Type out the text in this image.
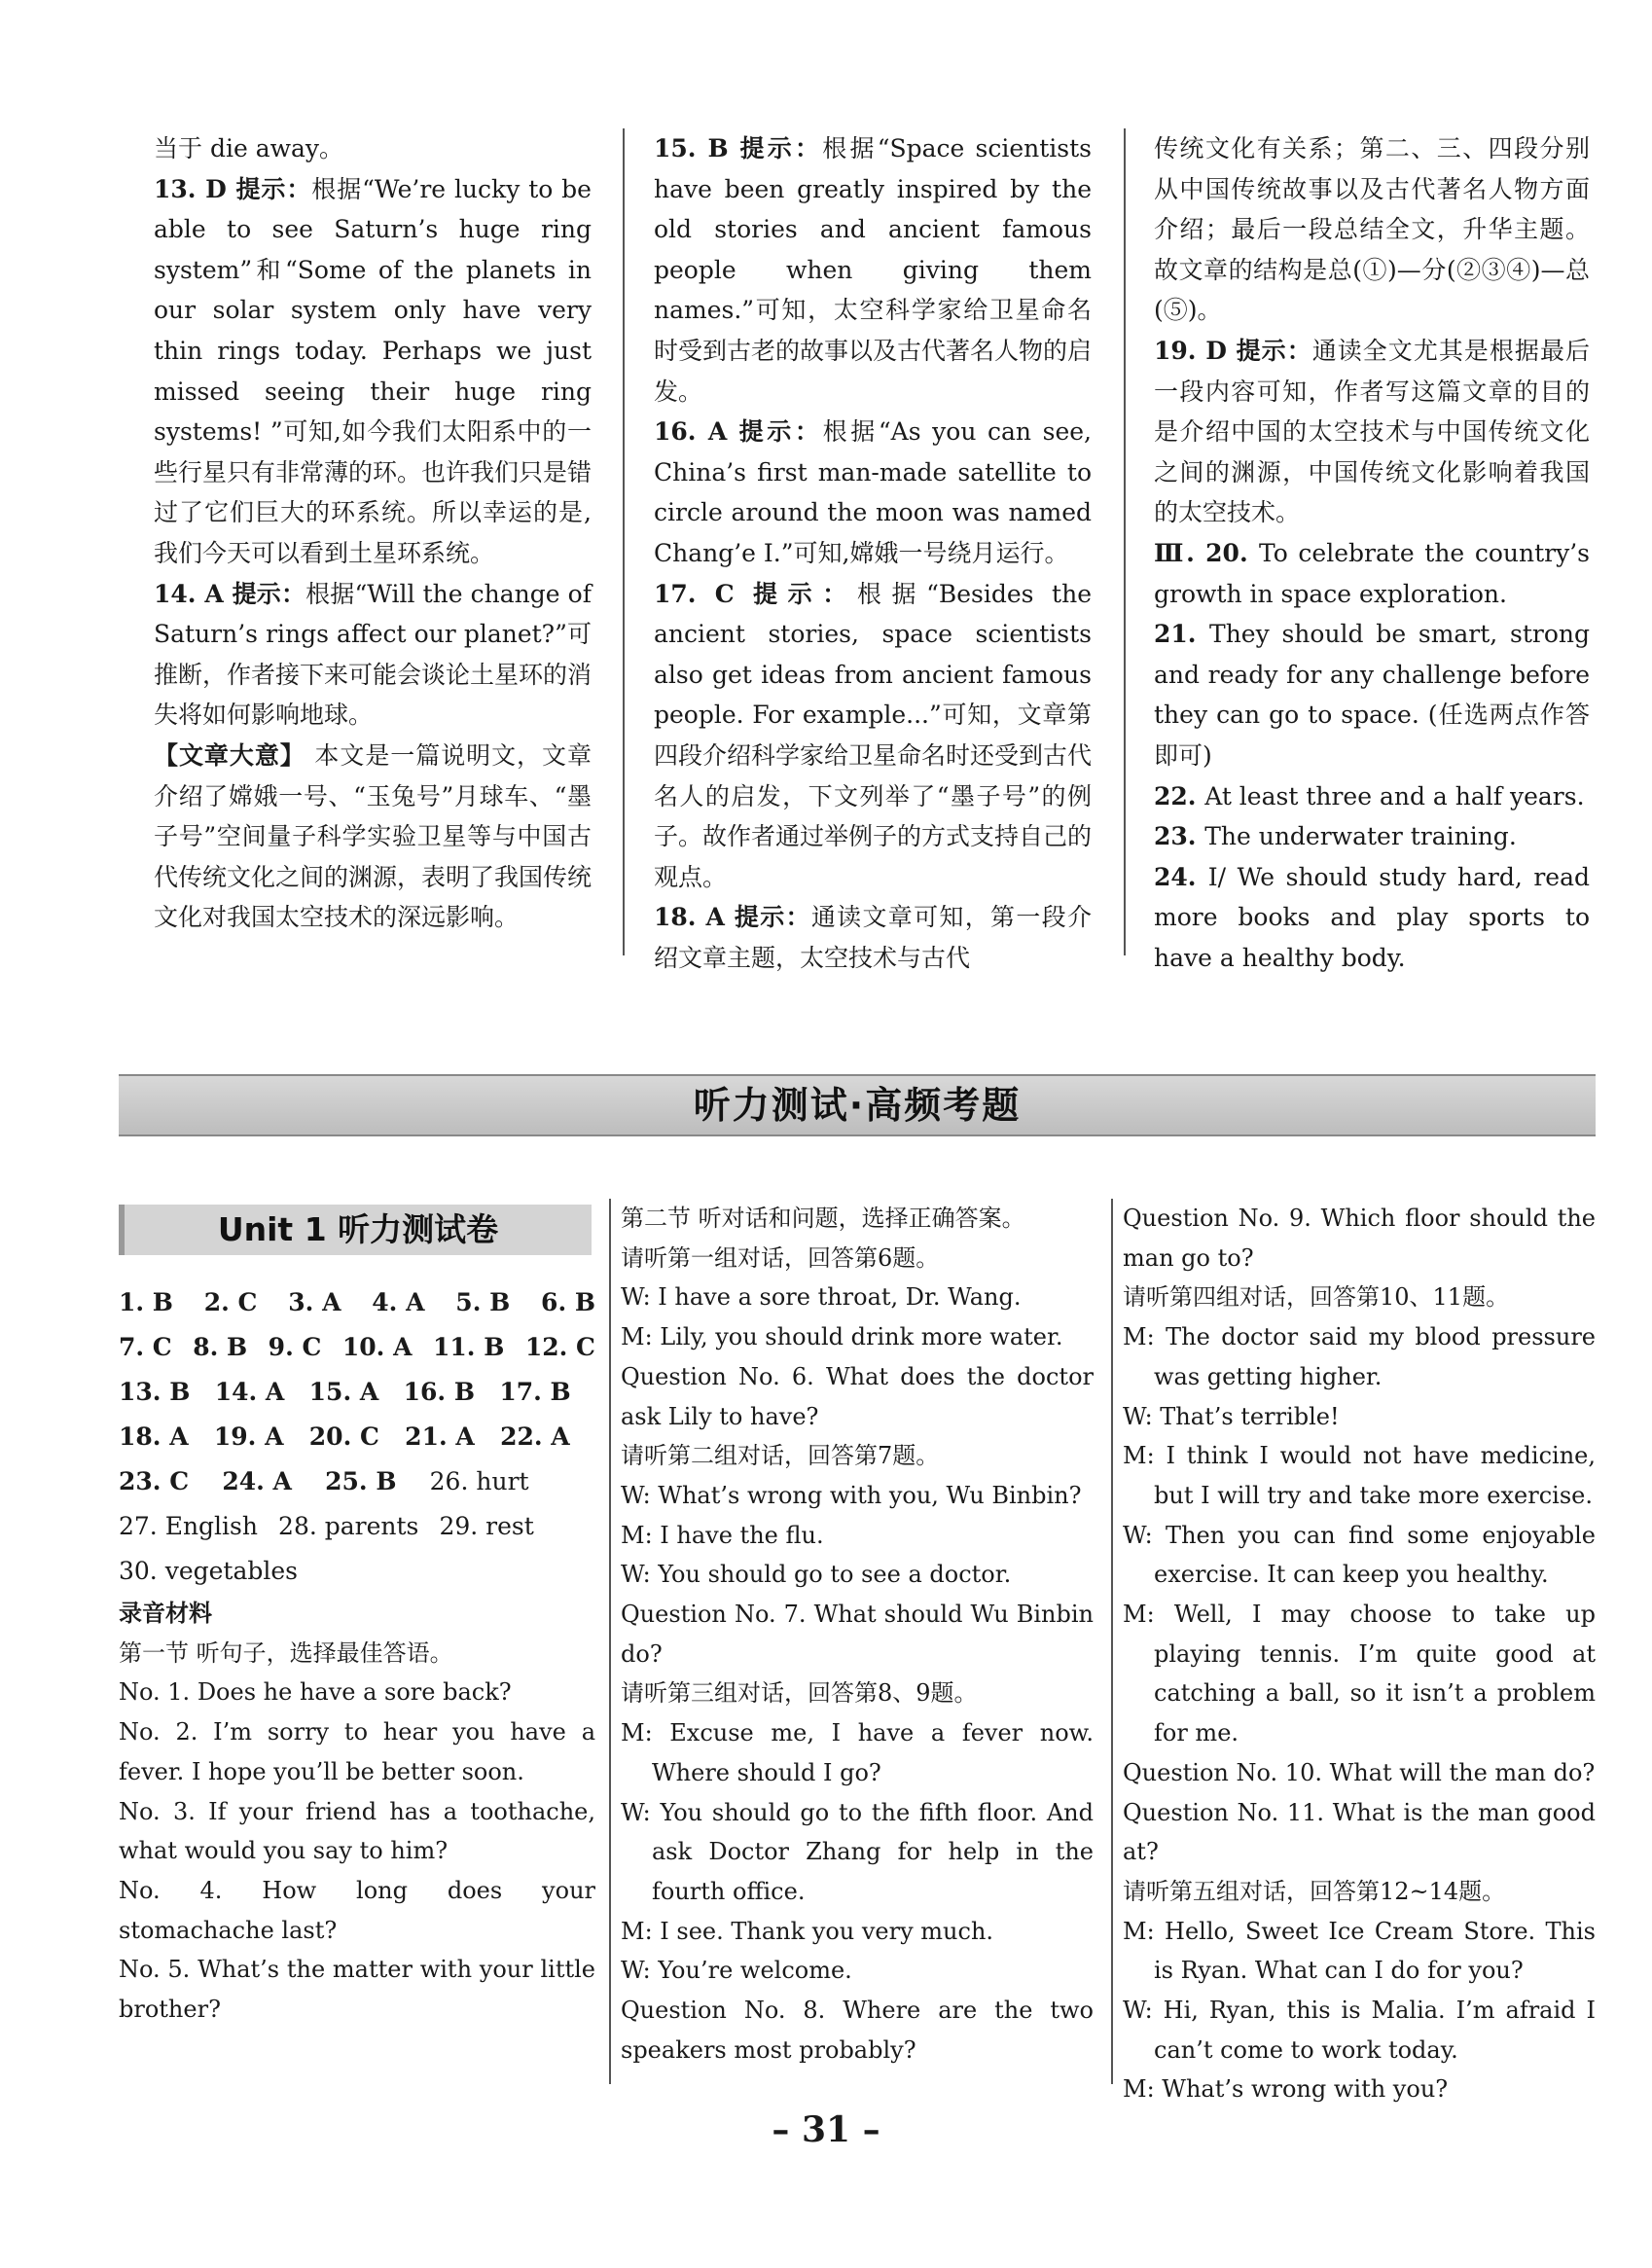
当于 die away。

13. D 提示：根据“We’re lucky to be able to see Saturn’s huge ring system”和“Some of the planets in our solar system only have very thin rings today. Perhaps we just missed seeing their huge ring systems! ”可知,如今我们太阳系中的一些行星只有非常薄的环。也许我们只是错过了它们巨大的环系统。所以幸运的是,我们今天可以看到土星环系统。

14. A 提示：根据“Will the change of Saturn’s rings affect our planet?”可推断，作者接下来可能会谈论土星环的消失将如何影响地球。

【文章大意】 本文是一篇说明文，文章介绍了嫦娥一号、“玉兔号”月球车、“墨子号”空间量子科学实验卫星等与中国古代传统文化之间的渊源，表明了我国传统文化对我国太空技术的深远影响。

15. B 提示：根据“Space scientists have been greatly inspired by the old stories and ancient famous people when giving them names.”可知，太空科学家给卫星命名时受到古老的故事以及古代著名人物的启发。

16. A 提示：根据“As you can see, China’s first man-made satellite to circle around the moon was named Chang’e Ⅰ.”可知,嫦娥一号绕月运行。

17. C 提示：根据“Besides the ancient stories, space scientists also get ideas from ancient famous people. For example...”可知，文章第四段介绍科学家给卫星命名时还受到古代名人的启发，下文列举了“墨子号”的例子。故作者通过举例子的方式支持自己的观点。

18. A 提示：通读文章可知，第一段介绍文章主题，太空技术与古代

传统文化有关系；第二、三、四段分别从中国传统故事以及古代著名人物方面介绍；最后一段总结全文，升华主题。故文章的结构是总(①)—分(②③④)—总(⑤)。

19. D 提示：通读全文尤其是根据最后一段内容可知，作者写这篇文章的目的是介绍中国的太空技术与中国传统文化之间的渊源，中国传统文化影响着我国的太空技术。

Ⅲ. 20. To celebrate the country’s growth in space exploration.

21. They should be smart, strong and ready for any challenge before they can go to space. (任选两点作答即可)

22. At least three and a half years.

23. The underwater training.

24. I/ We should study hard, read more books and play sports to have a healthy body.

听力测试·高频考题
Unit 1 听力测试卷
1. B 2. C 3. A 4. A 5. B 6. B
7. C 8. B 9. C 10. A 11. B 12. C
13. B 14. A 15. A 16. B 17. B
18. A 19. A 20. C 21. A 22. A
23. C 24. A 25. B 26. hurt
27. English 28. parents 29. rest
30. vegetables

录音材料

第一节 听句子，选择最佳答语。

No. 1. Does he have a sore back?

No. 2. I’m sorry to hear you have a fever. I hope you’ll be better soon.

No. 3. If your friend has a toothache, what would you say to him?

No. 4. How long does your stomachache last?

No. 5. What’s the matter with your little brother?

第二节 听对话和问题，选择正确答案。

请听第一组对话，回答第6题。

W: I have a sore throat, Dr. Wang.

M: Lily, you should drink more water.

Question No. 6. What does the doctor ask Lily to have?

请听第二组对话，回答第7题。

W: What’s wrong with you, Wu Binbin?

M: I have the flu.

W: You should go to see a doctor.

Question No. 7. What should Wu Binbin do?

请听第三组对话，回答第8、9题。

M: Excuse me, I have a fever now. Where should I go?

W: You should go to the fifth floor. And ask Doctor Zhang for help in the fourth office.

M: I see. Thank you very much.

W: You’re welcome.

Question No. 8. Where are the two speakers most probably?

Question No. 9. Which floor should the man go to?

请听第四组对话，回答第10、11题。

M: The doctor said my blood pressure was getting higher.

W: That’s terrible!

M: I think I would not have medicine, but I will try and take more exercise.

W: Then you can find some enjoyable exercise. It can keep you healthy.

M: Well, I may choose to take up playing tennis. I’m quite good at catching a ball, so it isn’t a problem for me.

Question No. 10. What will the man do?

Question No. 11. What is the man good at?

请听第五组对话，回答第12~14题。

M: Hello, Sweet Ice Cream Store. This is Ryan. What can I do for you?

W: Hi, Ryan, this is Malia. I’m afraid I can’t come to work today.

M: What’s wrong with you?

– 31 –
